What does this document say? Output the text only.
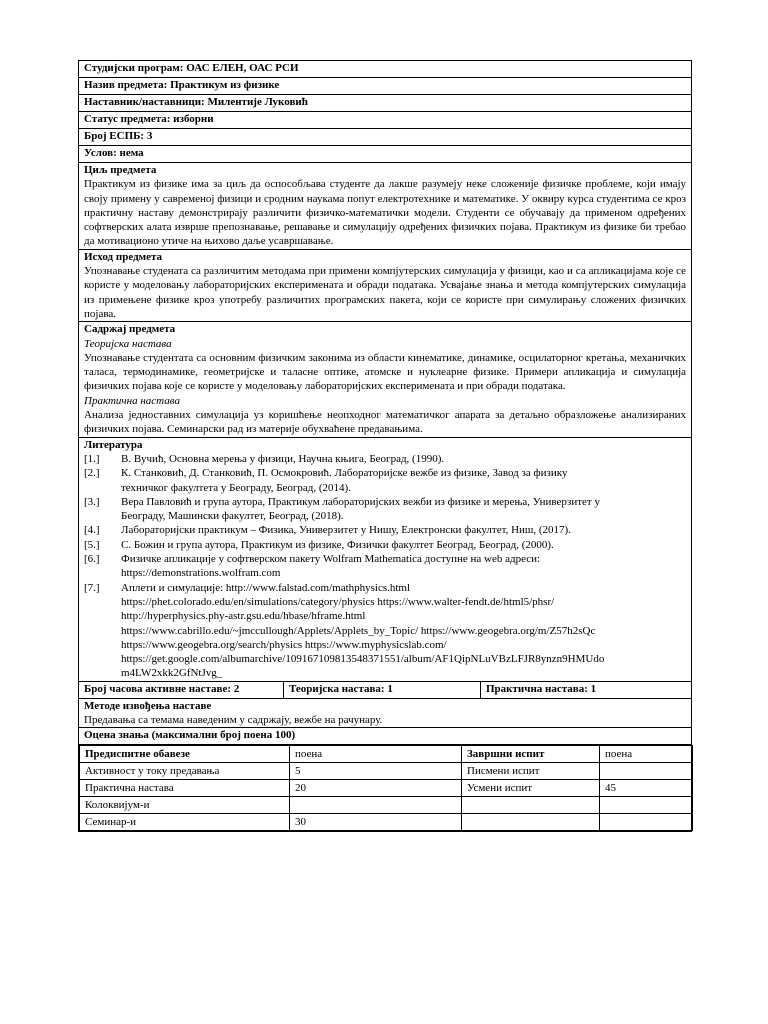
Студијски програм: ОАС ЕЛЕН, ОАС РСИ
Назив предмета: Практикум из физике
Наставник/наставници: Милентије Луковић
Статус предмета: изборни
Број ЕСПБ: 3
Услов: нема

Циљ предмета
Практикум из физике има за циљ да оспособљава студенте да лакше разумеју неке сложеније физичке проблеме, који имају своју примену у савременој физици и сродним наукама попут електротехнике и математике. У оквиру курса студентима се кроз практичну наставу демонстрирају различити физичко-математички модели. Студенти се обучавају да применом одређених софтверских алата изврше препознавање, решавање и симулацију одређених физичких појава. Практикум из физике би требао да мотивационо утиче на њихово даље усавршавање.

Исход предмета
Упознавање студената са различитим методама при примени компјутерских симулација у физици, као и са апликацијама које се користе у моделовању лабораторијских експеримената и обради података. Усвајање знања и метода компјутерских симулација из примењене физике кроз употребу различитих програмских пакета, који се користе при симулирању сложених физичких појава.

Садржај предмета
Теоријска настава
Упознавање студентата са основним физичким законима из области кинематике, динамике, осцилаторног кретања, механичких таласа, термодинамике, геометријске и таласне оптике, атомске и нуклеарне физике. Примери апликација и симулација физичких појава које се користе у моделовању лабораторијских експеримената и при обради података.
Практична настава
Анализа једноставних симулација уз коришћење неопходног математичког апарата за детаљно образложење анализираних физичких појава. Семинарски рад из материје обухваћене предавањима.

Литература
[1.] В. Вучић, Основна мерења у физици, Научна књига, Београд, (1990).
[2.] К. Станковић, Д. Станковић, П. Осмокровић. Лабораторијске вежбе из физике, Завод за физику
техничког факултета у Београду, Београд, (2014).
[3.] Вера Павловић и група аутора, Практикум лабораторијских вежби из физике и мерења, Универзитет у
Београду, Машински факултет, Београд, (2018).
[4.] Лабораторијски практикум – Физика, Универзитет у Нишу, Електронски факултет, Ниш, (2017).
[5.] С. Божин и група аутора, Практикум из физике, Физички факултет Београд, Београд, (2000).
[6.] Физичке апликације у софтверском пакету Wolfram Mathematica доступне на web адреси:
https://demonstrations.wolfram.com
[7.] Аплети и симулације: http://www.falstad.com/mathphysics.html
https://phet.colorado.edu/en/simulations/category/physics https://www.walter-fendt.de/html5/phsr/
http://hyperphysics.phy-astr.gsu.edu/hbase/hframe.html
https://www.cabrillo.edu/~jmccullough/Applets/Applets_by_Topic/ https://www.geogebra.org/m/Z57h2sQc
https://www.geogebra.org/search/physics https://www.myphysicslab.com/
https://get.google.com/albumarchive/109167109813548371551/album/AF1QipNLuVBzLFJR8ynzn9HMUdo
m4LW2xkk2GfNtJvg_

Број часова активне наставе: 2	Теоријска настава: 1	Практична настава: 1

Методе извођења наставе
Предавања са темама наведеним у садржају, вежбе на рачунару.

Оцена знања (максимални број поена 100)

Предиспитне обавезе	поена	Завршни испит	поена
Активност у току предавања	5	Писмени испит	
Практична настава	20	Усмени испит	45
Колоквијум-и			
Семинар-и	30		
